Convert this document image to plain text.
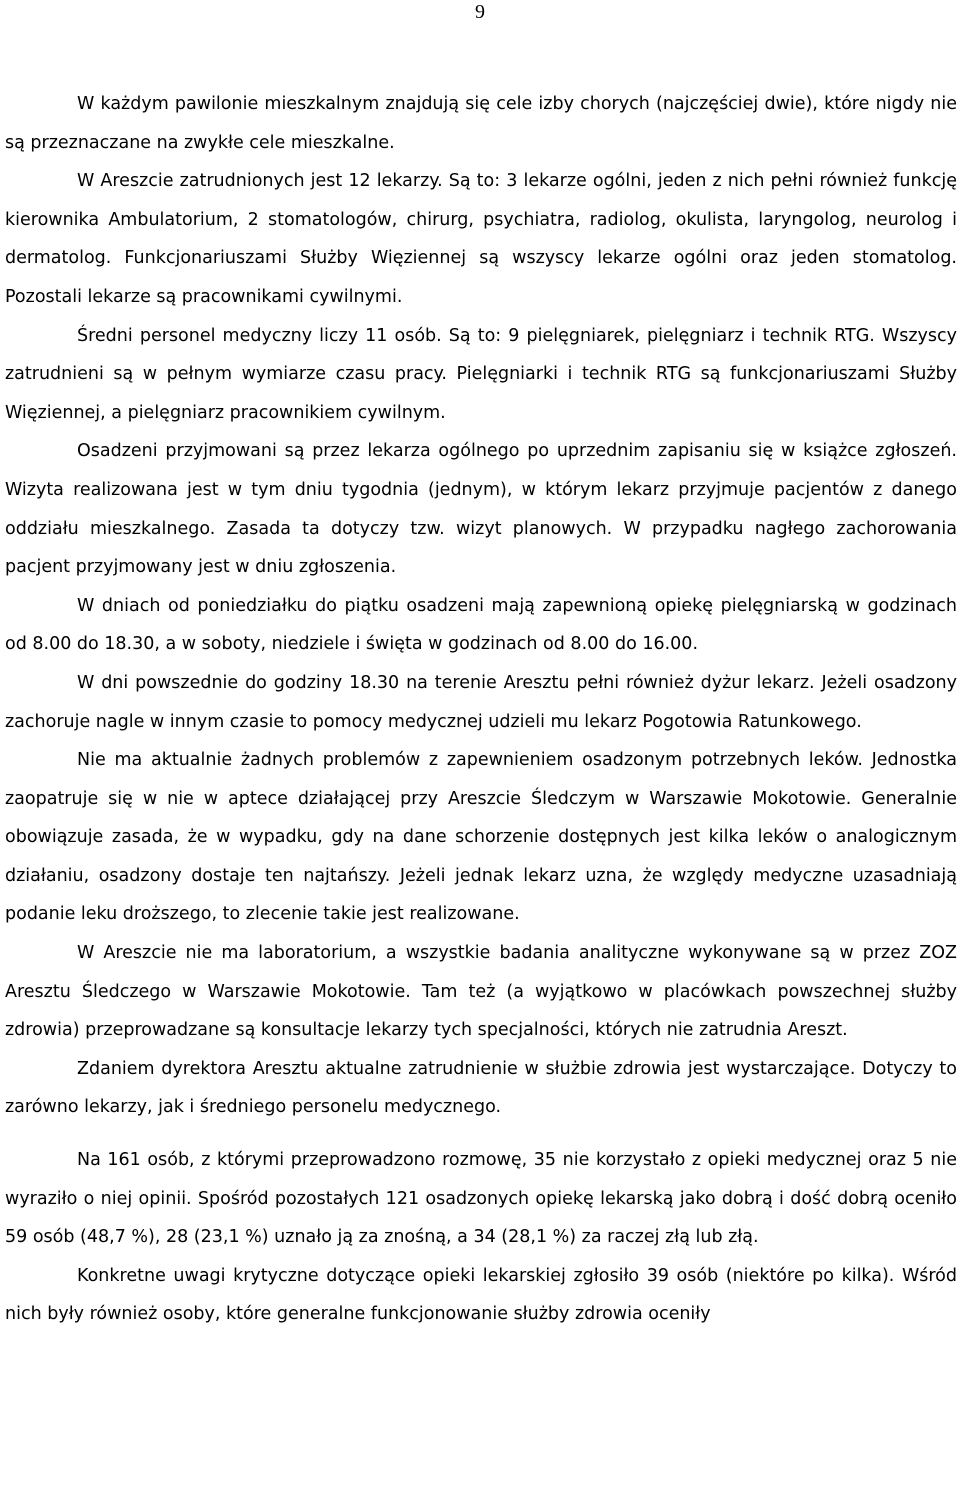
9

W każdym pawilonie mieszkalnym znajdują się cele izby chorych (najczęściej dwie), które nigdy nie są przeznaczane na zwykłe cele mieszkalne.

W Areszcie zatrudnionych jest 12 lekarzy. Są to: 3 lekarze ogólni, jeden z nich pełni również funkcję kierownika Ambulatorium, 2 stomatologów, chirurg, psychiatra, radiolog, okulista, laryngolog, neurolog i dermatolog. Funkcjonariuszami Służby Więziennej są wszyscy lekarze ogólni oraz jeden stomatolog. Pozostali lekarze są pracownikami cywilnymi.

Średni personel medyczny liczy 11 osób. Są to: 9 pielęgniarek, pielęgniarz i technik RTG. Wszyscy zatrudnieni są w pełnym wymiarze czasu pracy. Pielęgniarki i technik RTG są funkcjonariuszami Służby Więziennej, a pielęgniarz pracownikiem cywilnym.

Osadzeni przyjmowani są przez lekarza ogólnego po uprzednim zapisaniu się w książce zgłoszeń. Wizyta realizowana jest w tym dniu tygodnia (jednym), w którym lekarz przyjmuje pacjentów z danego oddziału mieszkalnego. Zasada ta dotyczy tzw. wizyt planowych. W przypadku nagłego zachorowania pacjent przyjmowany jest w dniu zgłoszenia.

W dniach od poniedziałku do piątku osadzeni mają zapewnioną opiekę pielęgniarską w godzinach od 8.00 do 18.30, a w soboty, niedziele i święta w godzinach od 8.00 do 16.00.

W dni powszednie do godziny 18.30 na terenie Aresztu pełni również dyżur lekarz. Jeżeli osadzony zachoruje nagle w innym czasie to pomocy medycznej udzieli mu lekarz Pogotowia Ratunkowego.

Nie ma aktualnie żadnych problemów z zapewnieniem osadzonym potrzebnych leków. Jednostka zaopatruje się w nie w aptece działającej przy Areszcie Śledczym w Warszawie Mokotowie. Generalnie obowiązuje zasada, że w wypadku, gdy na dane schorzenie dostępnych jest kilka leków o analogicznym działaniu, osadzony dostaje ten najtańszy. Jeżeli jednak lekarz uzna, że względy medyczne uzasadniają podanie leku droższego, to zlecenie takie jest realizowane.

W Areszcie nie ma laboratorium, a wszystkie badania analityczne wykonywane są w przez ZOZ Aresztu Śledczego w Warszawie Mokotowie. Tam też (a wyjątkowo w placówkach powszechnej służby zdrowia) przeprowadzane są konsultacje lekarzy tych specjalności, których nie zatrudnia Areszt.

Zdaniem dyrektora Aresztu aktualne zatrudnienie w służbie zdrowia jest wystarczające. Dotyczy to zarówno lekarzy, jak i średniego personelu medycznego.

Na 161 osób, z którymi przeprowadzono rozmowę, 35 nie korzystało z opieki medycznej oraz 5 nie wyraziło o niej opinii. Spośród pozostałych 121 osadzonych opiekę lekarską jako dobrą i dość dobrą oceniło 59 osób (48,7 %), 28 (23,1 %) uznało ją za znośną, a 34 (28,1 %) za raczej złą lub złą.

Konkretne uwagi krytyczne dotyczące opieki lekarskiej zgłosiło 39 osób (niektóre po kilka). Wśród nich były również osoby, które generalne funkcjonowanie służby zdrowia oceniły
